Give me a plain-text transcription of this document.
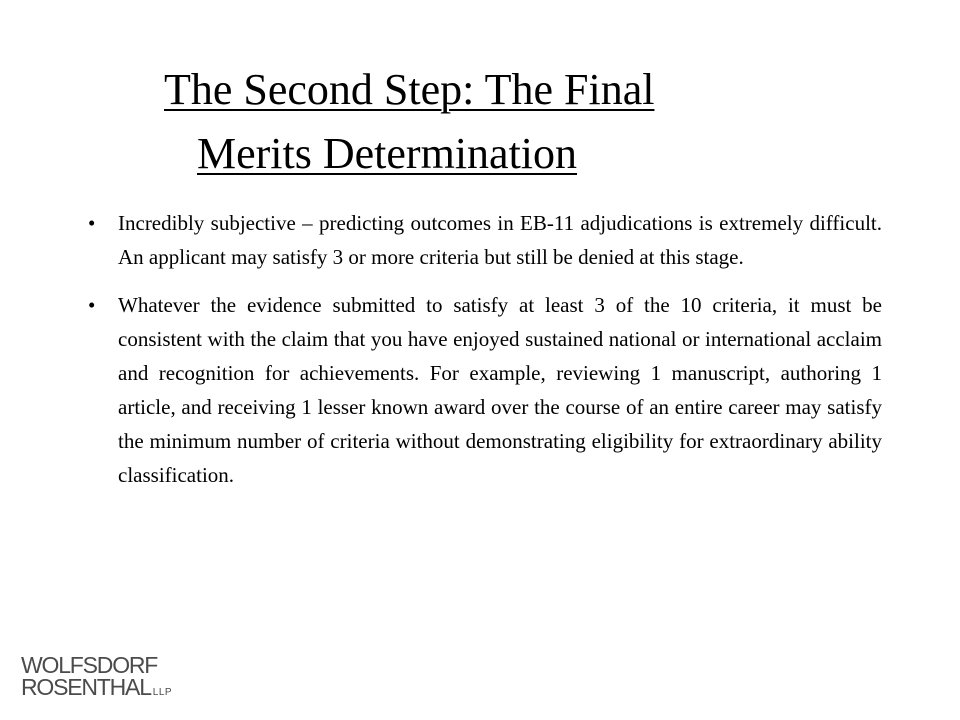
The Second Step: The Final
Merits Determination
• Incredibly subjective – predicting outcomes in EB-11 adjudications is extremely difficult. An applicant may satisfy 3 or more criteria but still be denied at this stage.
• Whatever the evidence submitted to satisfy at least 3 of the 10 criteria, it must be consistent with the claim that you have enjoyed sustained national or international acclaim and recognition for achievements. For example, reviewing 1 manuscript, authoring 1 article, and receiving 1 lesser known award over the course of an entire career may satisfy the minimum number of criteria without demonstrating eligibility for extraordinary ability classification.
WOLFSDORF
ROSENTHAL LLP
